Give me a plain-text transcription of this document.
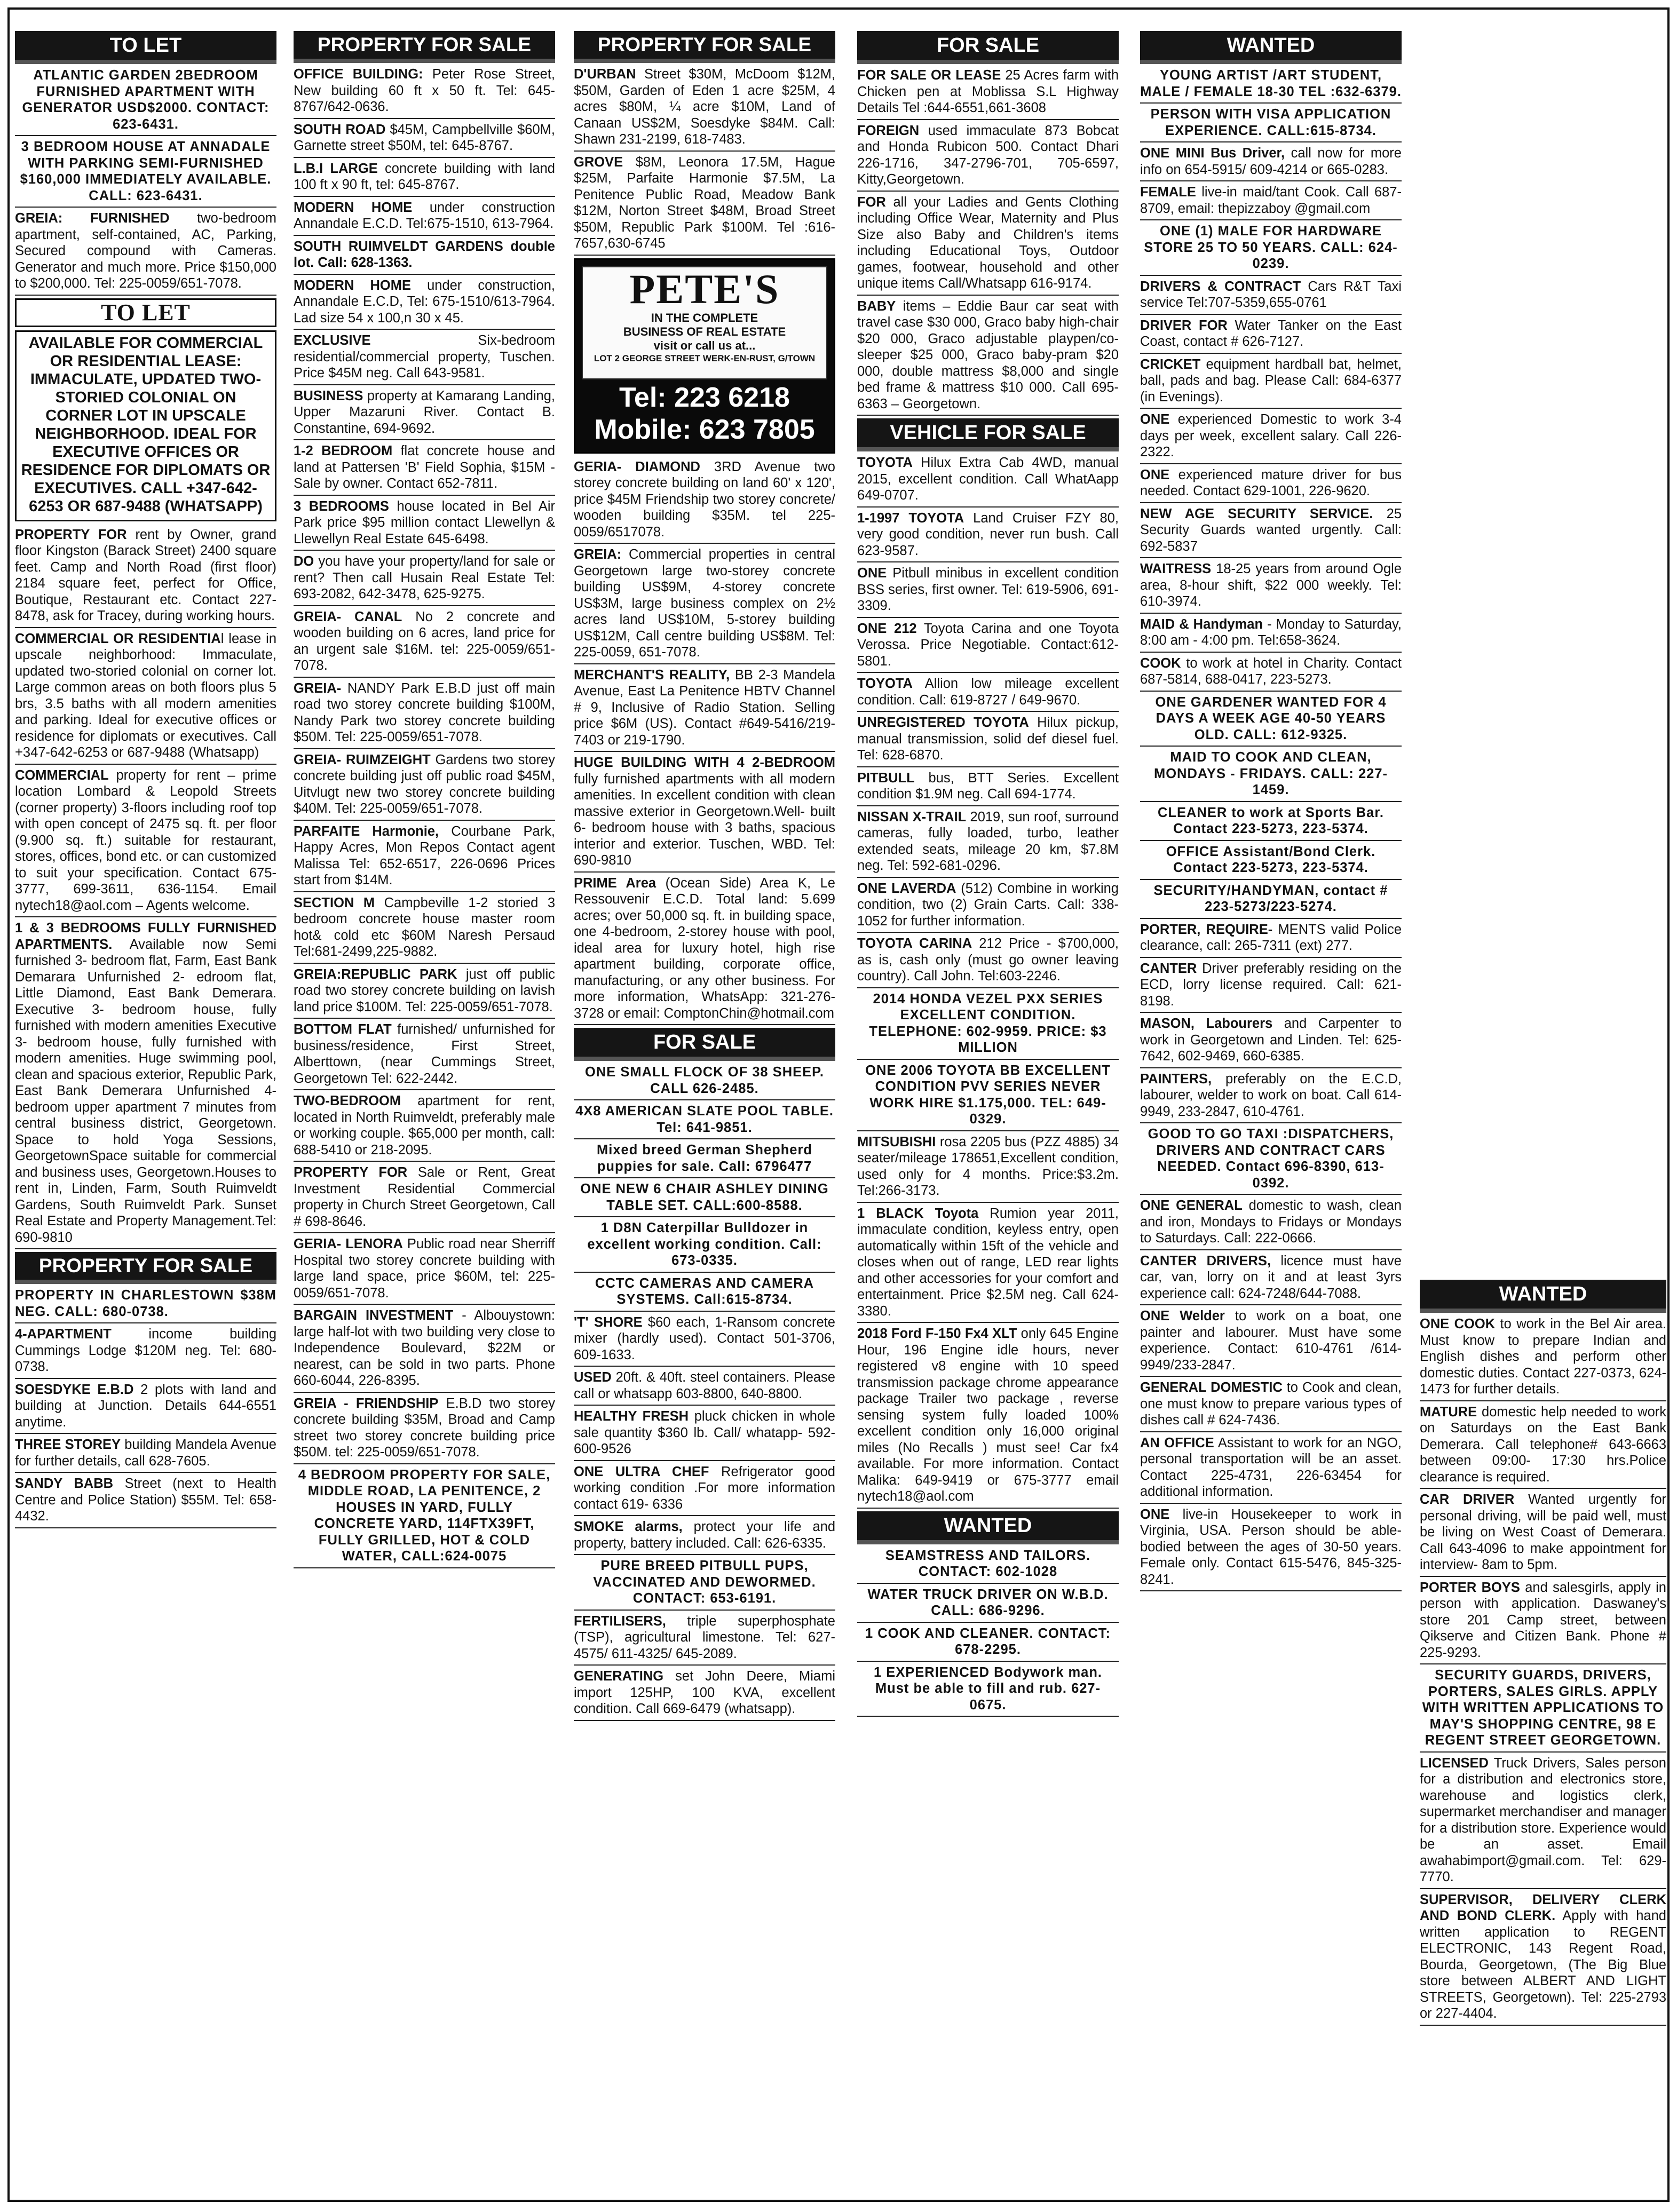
TO LET
ATLANTIC GARDEN 2BEDROOM FURNISHED APARTMENT WITH GENERATOR USD$2000. CONTACT: 623-6431.
3 BEDROOM HOUSE AT ANNADALE WITH PARKING SEMI-FURNISHED $160,000 IMMEDIATELY AVAILABLE. CALL: 623-6431.
GREIA: FURNISHED two-bedroom apartment, self-contained, AC, Parking, Secured compound with Cameras. Generator and much more. Price $150,000 to $200,000. Tel: 225-0059/651-7078.
TO LET
AVAILABLE FOR COMMERCIAL OR RESIDENTIAL LEASE: IMMACULATE, UPDATED TWO-STORIED COLONIAL ON CORNER LOT IN UPSCALE NEIGHBORHOOD. IDEAL FOR EXECUTIVE OFFICES OR RESIDENCE FOR DIPLOMATS OR EXECUTIVES. CALL +347-642-6253 OR 687-9488 (WHATSAPP)
PROPERTY FOR rent by Owner, grand floor Kingston (Barack Street) 2400 square feet. Camp and North Road (first floor) 2184 square feet, perfect for Office, Boutique, Restaurant etc. Contact 227-8478, ask for Tracey, during working hours.
COMMERCIAL OR RESIDENTIAl lease in upscale neighborhood: Immaculate, updated two-storied colonial on corner lot. Large common areas on both floors plus 5 brs, 3.5 baths with all modern amenities and parking. Ideal for executive offices or residence for diplomats or executives. Call +347-642-6253 or 687-9488 (Whatsapp)
COMMERCIAL property for rent – prime location Lombard & Leopold Streets (corner property) 3-floors including roof top with open concept of 2475 sq. ft. per floor (9.900 sq. ft.) suitable for restaurant, stores, offices, bond etc. or can customized to suit your specification. Contact 675-3777, 699-3611, 636-1154. Email nytech18@aol.com – Agents welcome.
1 & 3 BEDROOMS FULLY FURNISHED APARTMENTS. Available now Semi furnished 3- bedroom flat, Farm, East Bank Demarara Unfurnished 2- edroom flat, Little Diamond, East Bank Demerara. Executive 3- bedroom house, fully furnished with modern amenities Executive 3- bedroom house, fully furnished with modern amenities. Huge swimming pool, clean and spacious exterior, Republic Park, East Bank Demerara Unfurnished 4- bedroom upper apartment 7 minutes from central business district, Georgetown. Space to hold Yoga Sessions, GeorgetownSpace suitable for commercial and business uses, Georgetown.Houses to rent in, Linden, Farm, South Ruimveldt Gardens, South Ruimveldt Park. Sunset Real Estate and Property Management.Tel: 690-9810
PROPERTY FOR SALE
PROPERTY IN CHARLESTOWN $38M NEG. CALL: 680-0738.
4-APARTMENT income building Cummings Lodge $120M neg. Tel: 680-0738.
SOESDYKE E.B.D 2 plots with land and building at Junction. Details 644-6551 anytime.
THREE STOREY building Mandela Avenue for further details, call 628-7605.
SANDY BABB Street (next to Health Centre and Police Station) $55M. Tel: 658-4432.
PROPERTY FOR SALE
OFFICE BUILDING: Peter Rose Street, New building 60 ft x 50 ft. Tel: 645-8767/642-0636.
SOUTH ROAD $45M, Campbellville $60M, Garnette street $50M, tel: 645-8767.
L.B.I LARGE concrete building with land 100 ft x 90 ft, tel: 645-8767.
MODERN HOME under construction Annandale E.C.D. Tel:675-1510, 613-7964.
SOUTH RUIMVELDT GARDENS double lot. Call: 628-1363.
MODERN HOME under construction, Annandale E.C.D, Tel: 675-1510/613-7964. Lad size 54 x 100,n 30 x 45.
EXCLUSIVE Six-bedroom residential/commercial property, Tuschen. Price $45M neg. Call 643-9581.
BUSINESS property at Kamarang Landing, Upper Mazaruni River. Contact B. Constantine, 694-9692.
1-2 BEDROOM flat concrete house and land at Pattersen 'B' Field Sophia, $15M - Sale by owner. Contact 652-7811.
3 BEDROOMS house located in Bel Air Park price $95 million contact Llewellyn & Llewellyn Real Estate 645-6498.
DO you have your property/land for sale or rent? Then call Husain Real Estate Tel: 693-2082, 642-3478, 625-9275.
GREIA- CANAL No 2 concrete and wooden building on 6 acres, land price for an urgent sale $16M. tel: 225-0059/651-7078.
GREIA- NANDY Park E.B.D just off main road two storey concrete building $100M, Nandy Park two storey concrete building $50M. Tel: 225-0059/651-7078.
GREIA- RUIMZEIGHT Gardens two storey concrete building just off public road $45M, Uitvlugt new two storey concrete building $40M. Tel: 225-0059/651-7078.
PARFAITE Harmonie, Courbane Park, Happy Acres, Mon Repos Contact agent Malissa Tel: 652-6517, 226-0696 Prices start from $14M.
SECTION M Campbeville 1-2 storied 3 bedroom concrete house master room hot& cold etc $60M Naresh Persaud Tel:681-2499,225-9882.
GREIA:REPUBLIC PARK just off public road two storey concrete building on lavish land price $100M. Tel: 225-0059/651-7078.
BOTTOM FLAT furnished/ unfurnished for business/residence, First Street, Alberttown, (near Cummings Street, Georgetown Tel: 622-2442.
TWO-BEDROOM apartment for rent, located in North Ruimveldt, preferably male or working couple. $65,000 per month, call: 688-5410 or 218-2095.
PROPERTY FOR Sale or Rent, Great Investment Residential Commercial property in Church Street Georgetown, Call # 698-8646.
GERIA- LENORA Public road near Sherriff Hospital two storey concrete building with large land space, price $60M, tel: 225-0059/651-7078.
BARGAIN INVESTMENT - Albouystown: large half-lot with two building very close to Independence Boulevard, $22M or nearest, can be sold in two parts. Phone 660-6044, 226-8395.
GREIA - FRIENDSHIP E.B.D two storey concrete building $35M, Broad and Camp street two storey concrete building price $50M. tel: 225-0059/651-7078.
4 BEDROOM PROPERTY FOR SALE, MIDDLE ROAD, LA PENITENCE, 2 HOUSES IN YARD, FULLY CONCRETE YARD, 114FTX39FT, FULLY GRILLED, HOT & COLD WATER, CALL:624-0075
PROPERTY FOR SALE
D'URBAN Street $30M, McDoom $12M, $50M, Garden of Eden 1 acre $25M, 4 acres $80M, ¼ acre $10M, Land of Canaan US$2M, Soesdyke $84M. Call: Shawn 231-2199, 618-7483.
GROVE $8M, Leonora 17.5M, Hague $25M, Parfaite Harmonie $7.5M, La Penitence Public Road, Meadow Bank $12M, Norton Street $48M, Broad Street $50M, Republic Park $100M. Tel :616-7657,630-6745
PETE'S
IN THE COMPLETE
BUSINESS OF REAL ESTATE
visit or call us at...
LOT 2 GEORGE STREET WERK-EN-RUST, G/TOWN
Tel: 223 6218
Mobile: 623 7805
GERIA- DIAMOND 3RD Avenue two storey concrete building on land 60' x 120', price $45M Friendship two storey concrete/ wooden building $35M. tel 225-0059/6517078.
GREIA: Commercial properties in central Georgetown large two-storey concrete building US$9M, 4-storey concrete US$3M, large business complex on 2½ acres land US$10M, 5-storey building US$12M, Call centre building US$8M. Tel: 225-0059, 651-7078.
MERCHANT'S REALITY, BB 2-3 Mandela Avenue, East La Penitence HBTV Channel # 9, Inclusive of Radio Station. Selling price $6M (US). Contact #649-5416/219-7403 or 219-1790.
HUGE BUILDING WITH 4 2-BEDROOM fully furnished apartments with all modern amenities. In excellent condition with clean massive exterior in Georgetown.Well- built 6- bedroom house with 3 baths, spacious interior and exterior. Tuschen, WBD. Tel: 690-9810
PRIME Area (Ocean Side) Area K, Le Ressouvenir E.C.D. Total land: 5.699 acres; over 50,000 sq. ft. in building space, one 4-bedroom, 2-storey house with pool, ideal area for luxury hotel, high rise apartment building, corporate office, manufacturing, or any other business. For more information, WhatsApp: 321-276-3728 or email: ComptonChin@hotmail.com
FOR SALE
ONE SMALL FLOCK OF 38 SHEEP. CALL 626-2485.
4X8 AMERICAN SLATE POOL TABLE. Tel: 641-9851.
Mixed breed German Shepherd puppies for sale. Call: 6796477
ONE NEW 6 CHAIR ASHLEY DINING TABLE SET. CALL:600-8588.
1 D8N Caterpillar Bulldozer in excellent working condition. Call: 673-0335.
CCTC CAMERAS AND CAMERA SYSTEMS. Call:615-8734.
'T' SHORE $60 each, 1-Ransom concrete mixer (hardly used). Contact 501-3706, 609-1633.
USED 20ft. & 40ft. steel containers. Please call or whatsapp 603-8800, 640-8800.
HEALTHY FRESH pluck chicken in whole sale quantity $360 lb. Call/ whatapp- 592-600-9526
ONE ULTRA CHEF Refrigerator good working condition .For more information contact 619- 6336
SMOKE alarms, protect your life and property, battery included. Call: 626-6335.
PURE BREED PITBULL PUPS, VACCINATED AND DEWORMED. CONTACT: 653-6191.
FERTILISERS, triple superphosphate (TSP), agricultural limestone. Tel: 627-4575/ 611-4325/ 645-2089.
GENERATING set John Deere, Miami import 125HP, 100 KVA, excellent condition. Call 669-6479 (whatsapp).
FOR SALE
FOR SALE OR LEASE 25 Acres farm with Chicken pen at Moblissa S.L Highway Details Tel :644-6551,661-3608
FOREIGN used immaculate 873 Bobcat and Honda Rubicon 500. Contact Dhari 226-1716, 347-2796-701, 705-6597, Kitty,Georgetown.
FOR all your Ladies and Gents Clothing including Office Wear, Maternity and Plus Size also Baby and Children's items including Educational Toys, Outdoor games, footwear, household and other unique items Call/Whatsapp 616-9174.
BABY items – Eddie Baur car seat with travel case $30 000, Graco baby high-chair $20 000, Graco adjustable playpen/co-sleeper $25 000, Graco baby-pram $20 000, double mattress $8,000 and single bed frame & mattress $10 000. Call 695-6363 – Georgetown.
VEHICLE FOR SALE
TOYOTA Hilux Extra Cab 4WD, manual 2015, excellent condition. Call WhatAapp 649-0707.
1-1997 TOYOTA Land Cruiser FZY 80, very good condition, never run bush. Call 623-9587.
ONE Pitbull minibus in excellent condition BSS series, first owner. Tel: 619-5906, 691-3309.
ONE 212 Toyota Carina and one Toyota Verossa. Price Negotiable. Contact:612-5801.
TOYOTA Allion low mileage excellent condition. Call: 619-8727 / 649-9670.
UNREGISTERED TOYOTA Hilux pickup, manual transmission, solid def diesel fuel. Tel: 628-6870.
PITBULL bus, BTT Series. Excellent condition $1.9M neg. Call 694-1774.
NISSAN X-TRAIL 2019, sun roof, surround cameras, fully loaded, turbo, leather extended seats, mileage 20 km, $7.8M neg. Tel: 592-681-0296.
ONE LAVERDA (512) Combine in working condition, two (2) Grain Carts. Call: 338-1052 for further information.
TOYOTA CARINA 212 Price - $700,000, as is, cash only (must go owner leaving country). Call John. Tel:603-2246.
2014 HONDA VEZEL PXX SERIES EXCELLENT CONDITION. TELEPHONE: 602-9959. PRICE: $3 MILLION
ONE 2006 TOYOTA BB EXCELLENT CONDITION PVV SERIES NEVER WORK HIRE $1.175,000. TEL: 649-0329.
MITSUBISHI rosa 2205 bus (PZZ 4885) 34 seater/mileage 178651,Excellent condition, used only for 4 months. Price:$3.2m. Tel:266-3173.
1 BLACK Toyota Rumion year 2011, immaculate condition, keyless entry, open automatically within 15ft of the vehicle and closes when out of range, LED rear lights and other accessories for your comfort and entertainment. Price $2.5M neg. Call 624-3380.
2018 Ford F-150 Fx4 XLT only 645 Engine Hour, 196 Engine idle hours, never registered v8 engine with 10 speed transmission package chrome appearance package Trailer two package , reverse sensing system fully loaded 100% excellent condition only 16,000 original miles (No Recalls ) must see! Car fx4 available. For more information. Contact Malika: 649-9419 or 675-3777 email nytech18@aol.com
WANTED
SEAMSTRESS AND TAILORS. CONTACT: 602-1028
WATER TRUCK DRIVER ON W.B.D. CALL: 686-9296.
1 COOK AND CLEANER. CONTACT: 678-2295.
1 EXPERIENCED Bodywork man. Must be able to fill and rub. 627-0675.
WANTED
YOUNG ARTIST /ART STUDENT, MALE / FEMALE 18-30 TEL :632-6379.
PERSON WITH VISA APPLICATION EXPERIENCE. CALL:615-8734.
ONE MINI Bus Driver, call now for more info on 654-5915/ 609-4214 or 665-0283.
FEMALE live-in maid/tant Cook. Call 687-8709, email: thepizzaboy @gmail.com
ONE (1) MALE FOR HARDWARE STORE 25 TO 50 YEARS. CALL: 624-0239.
DRIVERS & CONTRACT Cars R&T Taxi service Tel:707-5359,655-0761
DRIVER FOR Water Tanker on the East Coast, contact # 626-7127.
CRICKET equipment hardball bat, helmet, ball, pads and bag. Please Call: 684-6377 (in Evenings).
ONE experienced Domestic to work 3-4 days per week, excellent salary. Call 226-2322.
ONE experienced mature driver for bus needed. Contact 629-1001, 226-9620.
NEW AGE SECURITY SERVICE. 25 Security Guards wanted urgently. Call: 692-5837
WAITRESS 18-25 years from around Ogle area, 8-hour shift, $22 000 weekly. Tel: 610-3974.
MAID & Handyman - Monday to Saturday, 8:00 am - 4:00 pm. Tel:658-3624.
COOK to work at hotel in Charity. Contact 687-5814, 688-0417, 223-5273.
ONE GARDENER WANTED FOR 4 DAYS A WEEK AGE 40-50 YEARS OLD. CALL: 612-9325.
MAID TO COOK AND CLEAN, MONDAYS - FRIDAYS. CALL: 227-1459.
CLEANER to work at Sports Bar. Contact 223-5273, 223-5374.
OFFICE Assistant/Bond Clerk. Contact 223-5273, 223-5374.
SECURITY/HANDYMAN, contact # 223-5273/223-5274.
PORTER, REQUIRE- MENTS valid Police clearance, call: 265-7311 (ext) 277.
CANTER Driver preferably residing on the ECD, lorry license required. Call: 621-8198.
MASON, Labourers and Carpenter to work in Georgetown and Linden. Tel: 625-7642, 602-9469, 660-6385.
PAINTERS, preferably on the E.C.D, labourer, welder to work on boat. Call 614-9949, 233-2847, 610-4761.
GOOD TO GO TAXI :DISPATCHERS, DRIVERS AND CONTRACT CARS NEEDED. Contact 696-8390, 613-0392.
ONE GENERAL domestic to wash, clean and iron, Mondays to Fridays or Mondays to Saturdays. Call: 222-0666.
CANTER DRIVERS, licence must have car, van, lorry on it and at least 3yrs experience call: 624-7248/644-7088.
ONE Welder to work on a boat, one painter and labourer. Must have some experience. Contact: 610-4761 /614-9949/233-2847.
GENERAL DOMESTIC to Cook and clean, one must know to prepare various types of dishes call # 624-7436.
AN OFFICE Assistant to work for an NGO, personal transportation will be an asset. Contact 225-4731, 226-63454 for additional information.
ONE live-in Housekeeper to work in Virginia, USA. Person should be able-bodied between the ages of 30-50 years. Female only. Contact 615-5476, 845-325-8241.
WANTED
ONE COOK to work in the Bel Air area. Must know to prepare Indian and English dishes and perform other domestic duties. Contact 227-0373, 624-1473 for further details.
MATURE domestic help needed to work on Saturdays on the East Bank Demerara. Call telephone# 643-6663 between 09:00- 17:30 hrs.Police clearance is required.
CAR DRIVER Wanted urgently for personal driving, will be paid well, must be living on West Coast of Demerara. Call 643-4096 to make appointment for interview- 8am to 5pm.
PORTER BOYS and salesgirls, apply in person with application. Daswaney's store 201 Camp street, between Qikserve and Citizen Bank. Phone # 225-9293.
SECURITY GUARDS, DRIVERS, PORTERS, SALES GIRLS. APPLY WITH WRITTEN APPLICATIONS TO MAY'S SHOPPING CENTRE, 98 E REGENT STREET GEORGETOWN.
LICENSED Truck Drivers, Sales person for a distribution and electronics store, warehouse and logistics clerk, supermarket merchandiser and manager for a distribution store. Experience would be an asset. Email awahabimport@gmail.com. Tel: 629-7770.
SUPERVISOR, DELIVERY CLERK AND BOND CLERK. Apply with hand written application to REGENT ELECTRONIC, 143 Regent Road, Bourda, Georgetown, (The Big Blue store between ALBERT AND LIGHT STREETS, Georgetown). Tel: 225-2793 or 227-4404.
